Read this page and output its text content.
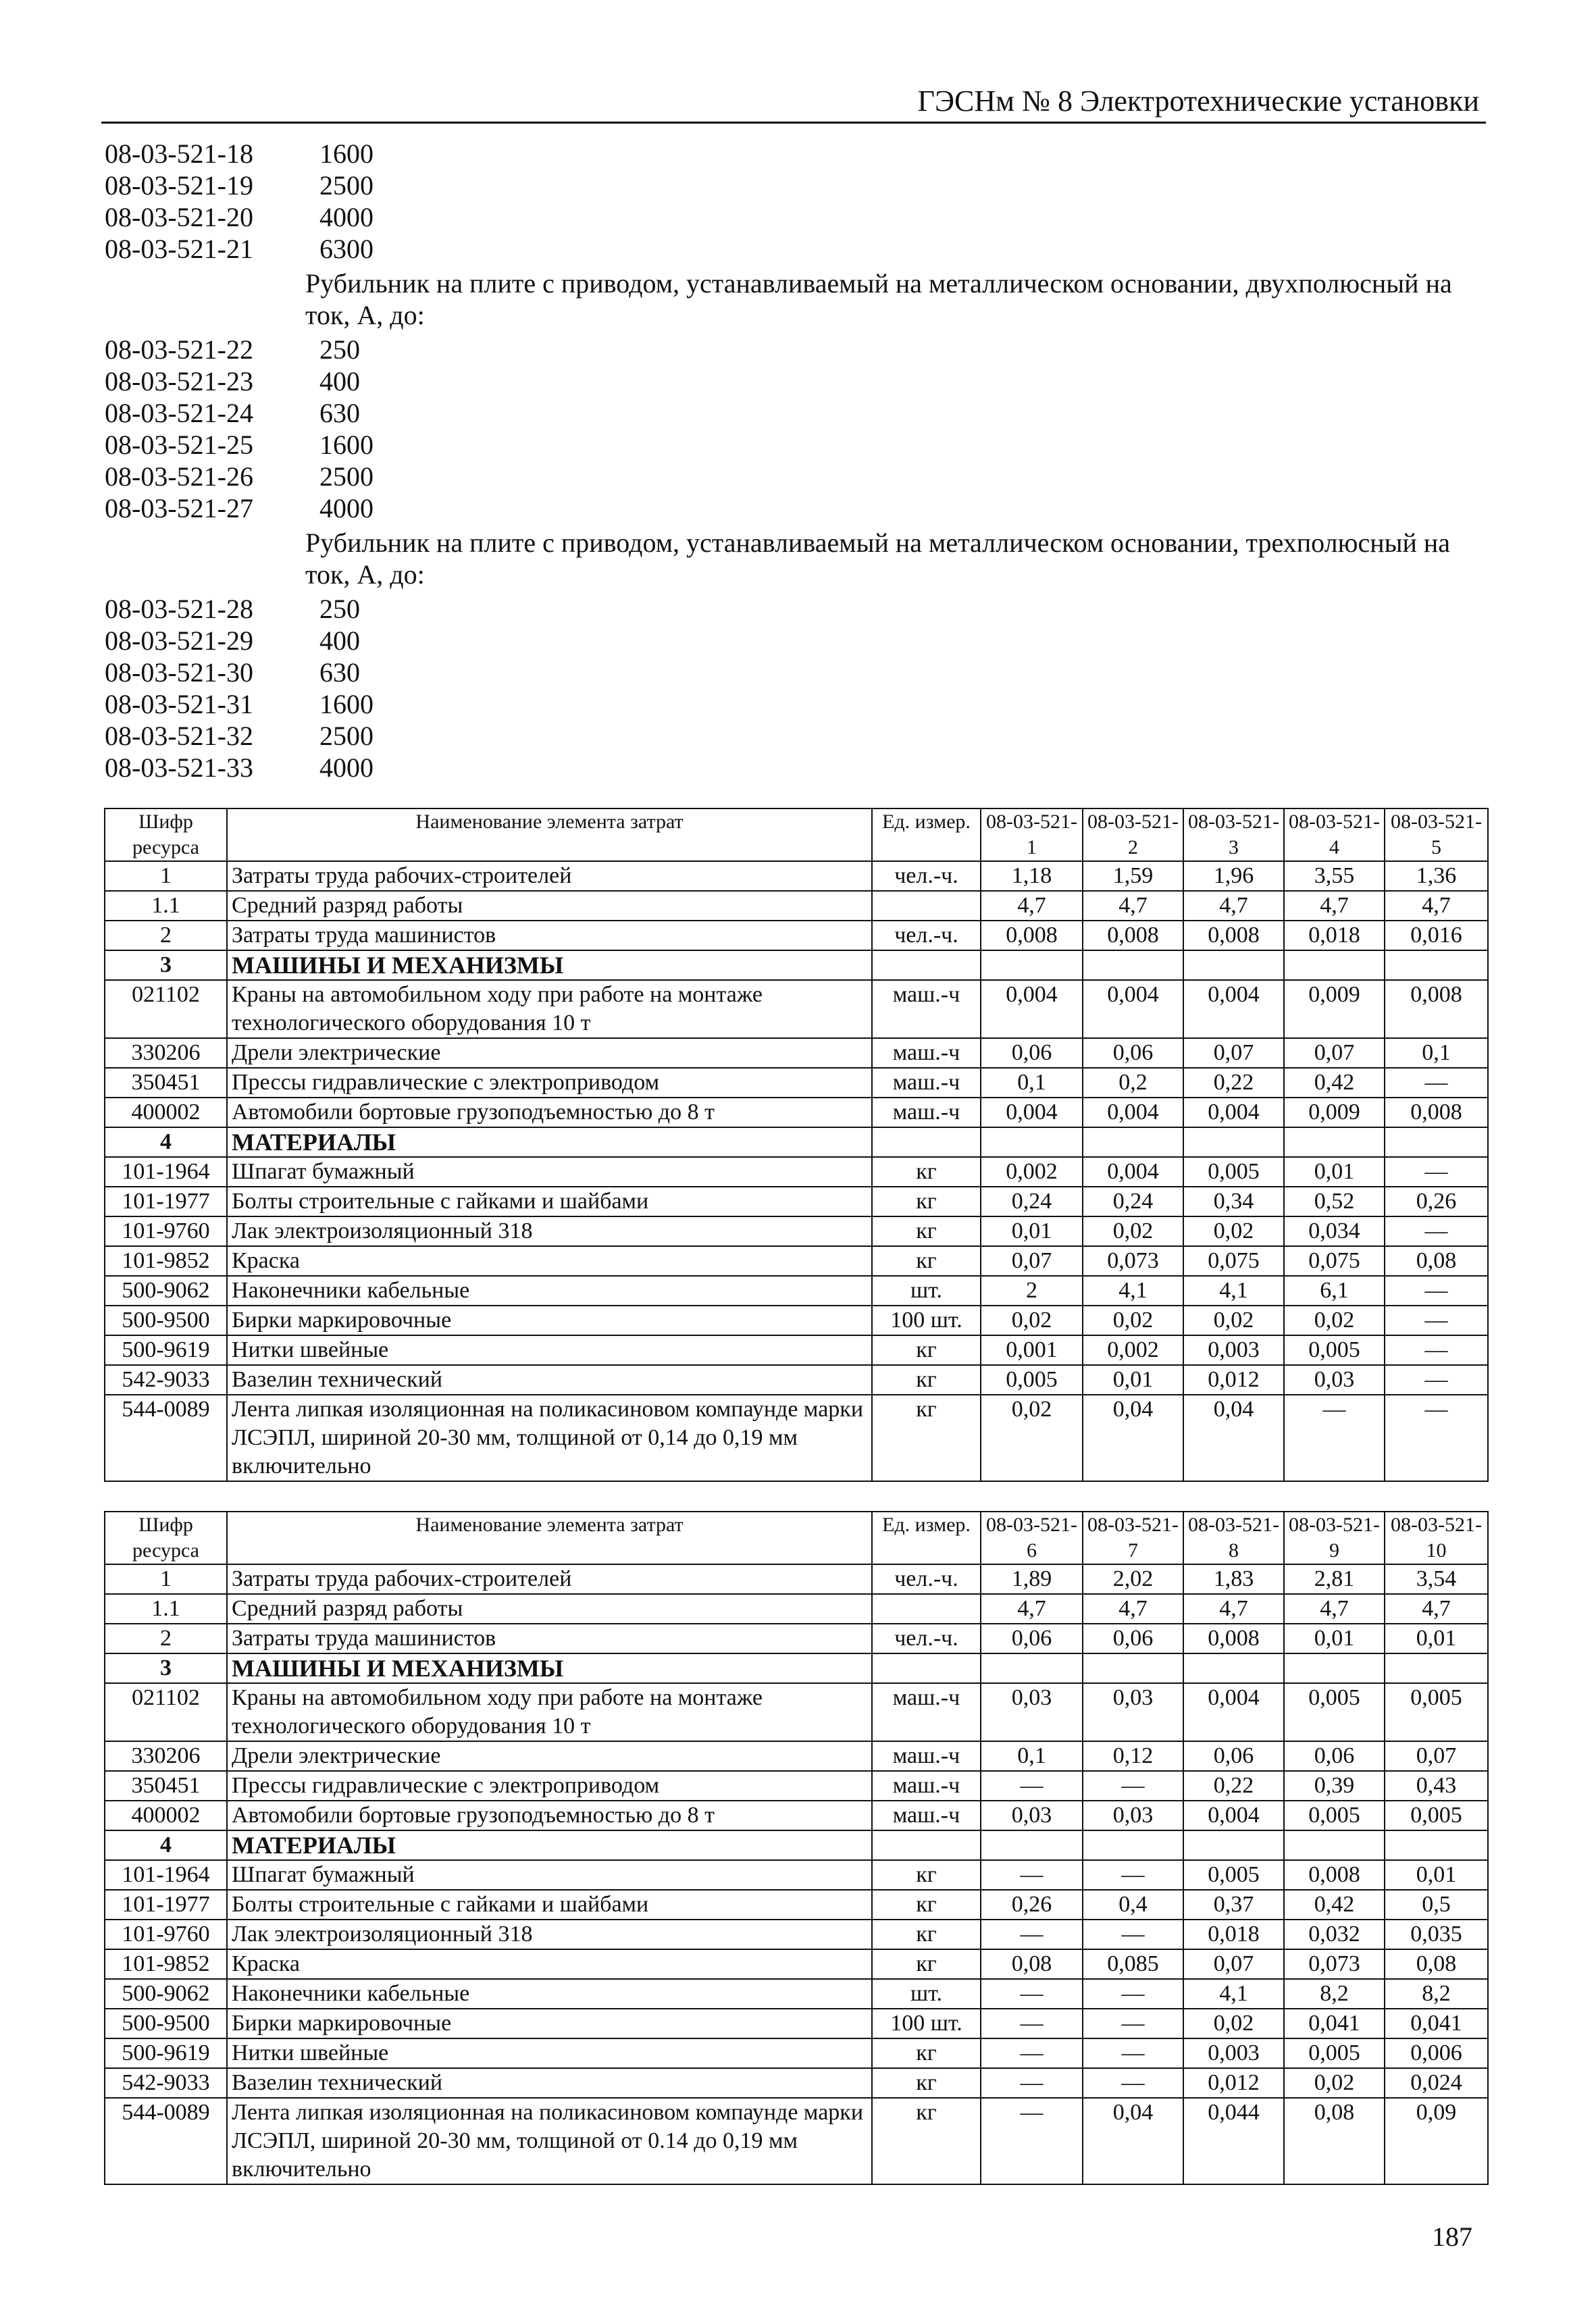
ГЭСНм № 8 Электротехнические установки
08-03-521-18	1600
08-03-521-19	2500
08-03-521-20	4000
08-03-521-21	6300
Рубильник на плите с приводом, устанавливаемый на металлическом основании, двухполюсный на ток, А, до:
08-03-521-22	250
08-03-521-23	400
08-03-521-24	630
08-03-521-25	1600
08-03-521-26	2500
08-03-521-27	4000
Рубильник на плите с приводом, устанавливаемый на металлическом основании, трехполюсный на ток, А, до:
08-03-521-28	250
08-03-521-29	400
08-03-521-30	630
08-03-521-31	1600
08-03-521-32	2500
08-03-521-33	4000
Шифр ресурса	Наименование элемента затрат	Ед. измер.	08-03-521-1	08-03-521-2	08-03-521-3	08-03-521-4	08-03-521-5
1	Затраты труда рабочих-строителей	чел.-ч.	1,18	1,59	1,96	3,55	1,36
1.1	Средний разряд работы		4,7	4,7	4,7	4,7	4,7
2	Затраты труда машинистов	чел.-ч.	0,008	0,008	0,008	0,018	0,016
3	МАШИНЫ И МЕХАНИЗМЫ						
021102	Краны на автомобильном ходу при работе на монтаже технологического оборудования 10 т	маш.-ч	0,004	0,004	0,004	0,009	0,008
330206	Дрели электрические	маш.-ч	0,06	0,06	0,07	0,07	0,1
350451	Прессы гидравлические с электроприводом	маш.-ч	0,1	0,2	0,22	0,42	—
400002	Автомобили бортовые грузоподъемностью до 8 т	маш.-ч	0,004	0,004	0,004	0,009	0,008
4	МАТЕРИАЛЫ						
101-1964	Шпагат бумажный	кг	0,002	0,004	0,005	0,01	—
101-1977	Болты строительные с гайками и шайбами	кг	0,24	0,24	0,34	0,52	0,26
101-9760	Лак электроизоляционный 318	кг	0,01	0,02	0,02	0,034	—
101-9852	Краска	кг	0,07	0,073	0,075	0,075	0,08
500-9062	Наконечники кабельные	шт.	2	4,1	4,1	6,1	—
500-9500	Бирки маркировочные	100 шт.	0,02	0,02	0,02	0,02	—
500-9619	Нитки швейные	кг	0,001	0,002	0,003	0,005	—
542-9033	Вазелин технический	кг	0,005	0,01	0,012	0,03	—
544-0089	Лента липкая изоляционная на поликасиновом компаунде марки ЛСЭПЛ, шириной 20-30 мм, толщиной от 0,14 до 0,19 мм включительно	кг	0,02	0,04	0,04	—	—
Шифр ресурса	Наименование элемента затрат	Ед. измер.	08-03-521-6	08-03-521-7	08-03-521-8	08-03-521-9	08-03-521-10
1	Затраты труда рабочих-строителей	чел.-ч.	1,89	2,02	1,83	2,81	3,54
1.1	Средний разряд работы		4,7	4,7	4,7	4,7	4,7
2	Затраты труда машинистов	чел.-ч.	0,06	0,06	0,008	0,01	0,01
3	МАШИНЫ И МЕХАНИЗМЫ						
021102	Краны на автомобильном ходу при работе на монтаже технологического оборудования 10 т	маш.-ч	0,03	0,03	0,004	0,005	0,005
330206	Дрели электрические	маш.-ч	0,1	0,12	0,06	0,06	0,07
350451	Прессы гидравлические с электроприводом	маш.-ч	—	—	0,22	0,39	0,43
400002	Автомобили бортовые грузоподъемностью до 8 т	маш.-ч	0,03	0,03	0,004	0,005	0,005
4	МАТЕРИАЛЫ						
101-1964	Шпагат бумажный	кг	—	—	0,005	0,008	0,01
101-1977	Болты строительные с гайками и шайбами	кг	0,26	0,4	0,37	0,42	0,5
101-9760	Лак электроизоляционный 318	кг	—	—	0,018	0,032	0,035
101-9852	Краска	кг	0,08	0,085	0,07	0,073	0,08
500-9062	Наконечники кабельные	шт.	—	—	4,1	8,2	8,2
500-9500	Бирки маркировочные	100 шт.	—	—	0,02	0,041	0,041
500-9619	Нитки швейные	кг	—	—	0,003	0,005	0,006
542-9033	Вазелин технический	кг	—	—	0,012	0,02	0,024
544-0089	Лента липкая изоляционная на поликасиновом компаунде марки ЛСЭПЛ, шириной 20-30 мм, толщиной от 0.14 до 0,19 мм включительно	кг	—	0,04	0,044	0,08	0,09
187
